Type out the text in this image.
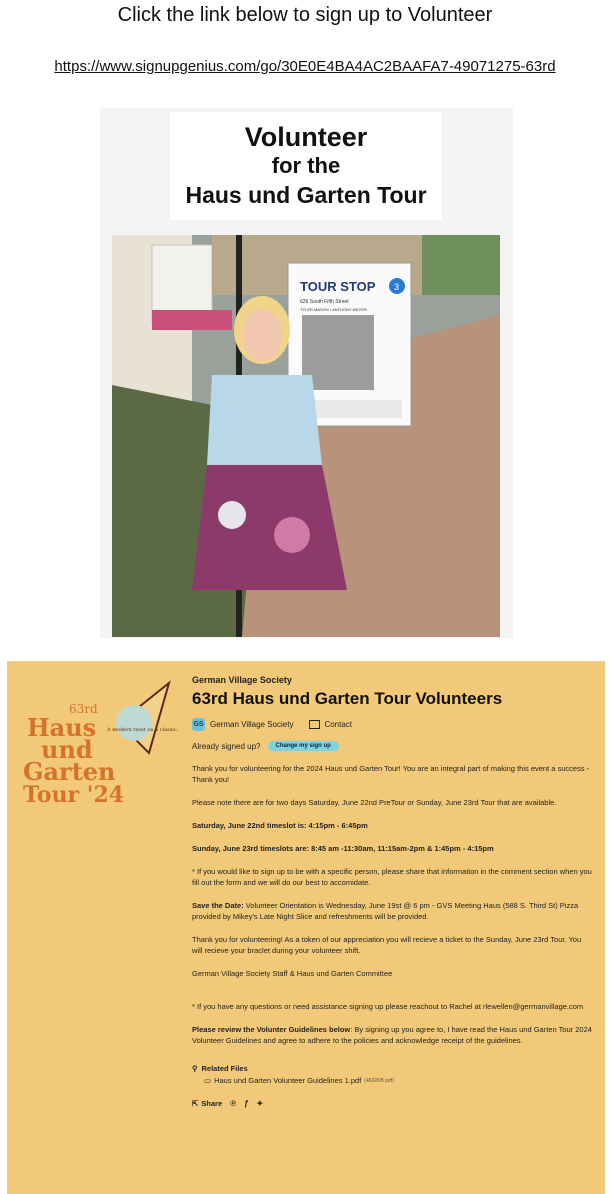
Click the link below to sign up to Volunteer
https://www.signupgenius.com/go/30E0E4BA4AC2BAAFA7-49071275-63rd
Volunteer
for the
Haus und Garten Tour
TOUR STOP 3
626 South Fifth Street
TYLER MASON • ANTHONY MEYER
63rd
Haus
und
Garten
Tour '24
A modern twist on a classic.
German Village Society
63rd Haus und Garten Tour Volunteers
GS German Village Society	Contact
Already signed up?	Change my sign up
Thank you for volunteering for the 2024 Haus und Garten Tour! You are an integral part of making this event a success - Thank you!
Please note there are for two days Saturday, June 22nd PreTour or Sunday, June 23rd Tour that are available.
Saturday, June 22nd timeslot is: 4:15pm - 6:45pm
Sunday, June 23rd timeslots are: 8:45 am -11:30am, 11:15am-2pm & 1:45pm - 4:15pm
* If you would like to sign up to be with a specific person, please share that information in the comment section when you fill out the form and we will do our best to accomidate.
Save the Date: Volunteer Orientation is Wednesday, June 19st @ 6 pm - GVS Meeting Haus (588 S. Third St) Pizza provided by Mikey's Late Night Slice and refreshments will be provided.
Thank you for volunteering! As a token of our appreciation you will recieve a ticket to the Sunday, June 23rd Tour. You will recieve your braclet during your volunteer shift.
German Village Society Staff & Haus und Garten Committee
* If you have any questions or need assistance signing up please reachout to Rachel at rlewellen@germanvillage.com
Please review the Volunter Guidelines below: By signing up you agree to, I have read the Haus und Garten Tour 2024 Volunteer Guidelines and agree to adhere to the policies and acknowledge receipt of the guidelines.
⚲ Related Files
▭ Haus und Garten Volunteer Guidelines 1.pdf (4632KB pdf)
⇱ Share ℗ ƒ ✦
